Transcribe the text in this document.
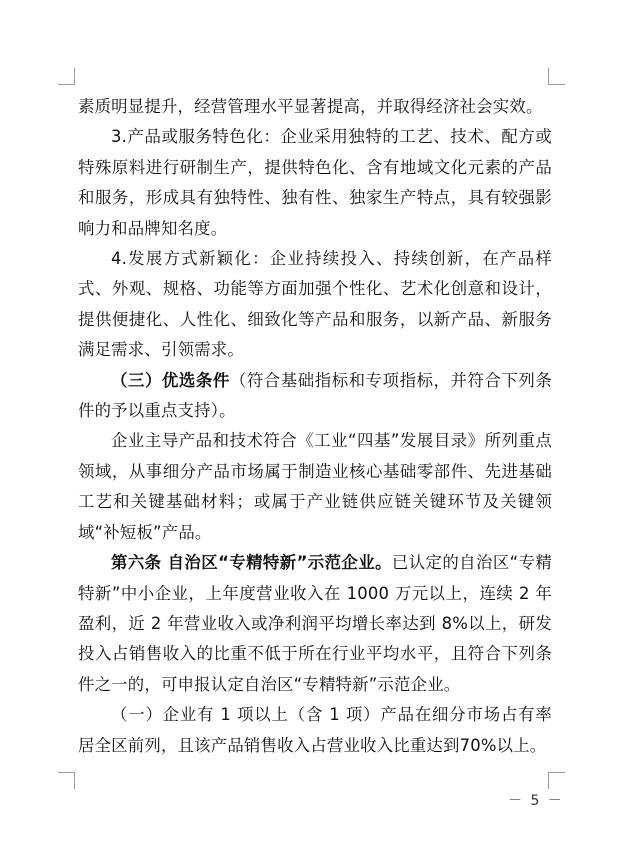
素质明显提升，经营管理水平显著提高，并取得经济社会实效。

3.产品或服务特色化：企业采用独特的工艺、技术、配方或特殊原料进行研制生产，提供特色化、含有地域文化元素的产品和服务，形成具有独特性、独有性、独家生产特点，具有较强影响力和品牌知名度。

4.发展方式新颖化：企业持续投入、持续创新，在产品样式、外观、规格、功能等方面加强个性化、艺术化创意和设计，提供便捷化、人性化、细致化等产品和服务，以新产品、新服务满足需求、引领需求。

（三）优选条件（符合基础指标和专项指标，并符合下列条件的予以重点支持）。

企业主导产品和技术符合《工业“四基”发展目录》所列重点领域，从事细分产品市场属于制造业核心基础零部件、先进基础工艺和关键基础材料；或属于产业链供应链关键环节及关键领域“补短板”产品。

第六条 自治区“专精特新”示范企业。已认定的自治区“专精特新”中小企业，上年度营业收入在 1000 万元以上，连续 2 年盈利，近 2 年营业收入或净利润平均增长率达到 8%以上，研发投入占销售收入的比重不低于所在行业平均水平，且符合下列条件之一的，可申报认定自治区“专精特新”示范企业。

（一）企业有 1 项以上（含 1 项）产品在细分市场占有率居全区前列，且该产品销售收入占营业收入比重达到70%以上。

－ 5 －
